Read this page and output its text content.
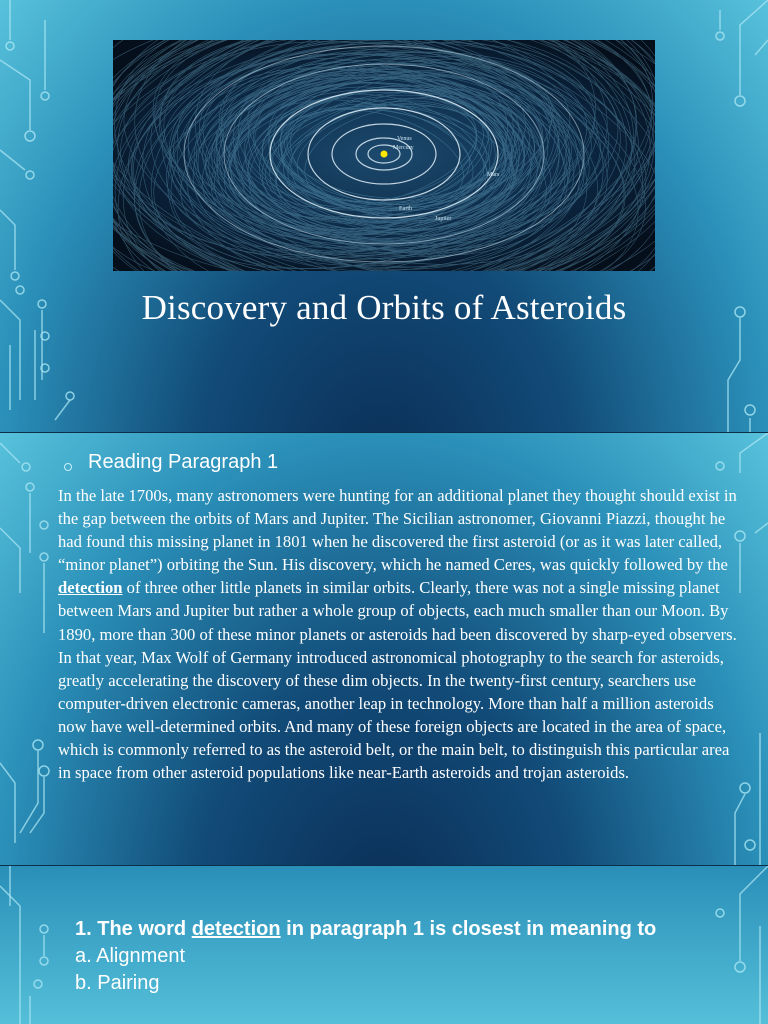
Venus
Mercury
Mars
Earth
Jupiter
Discovery and Orbits of Asteroids
Reading Paragraph 1
In the late 1700s, many astronomers were hunting for an additional planet they thought should exist in the gap between the orbits of Mars and Jupiter. The Sicilian astronomer, Giovanni Piazzi, thought he had found this missing planet in 1801 when he discovered the first asteroid (or as it was later called, “minor planet”) orbiting the Sun. His discovery, which he named Ceres, was quickly followed by the detection of three other little planets in similar orbits. Clearly, there was not a single missing planet between Mars and Jupiter but rather a whole group of objects, each much smaller than our Moon. By 1890, more than 300 of these minor planets or asteroids had been discovered by sharp-eyed observers. In that year, Max Wolf of Germany introduced astronomical photography to the search for asteroids, greatly accelerating the discovery of these dim objects. In the twenty-first century, searchers use computer-driven electronic cameras, another leap in technology. More than half a million asteroids now have well-determined orbits. And many of these foreign objects are located in the area of space, which is commonly referred to as the asteroid belt, or the main belt, to distinguish this particular area in space from other asteroid populations like near-Earth asteroids and trojan asteroids.
1. The word detection in paragraph 1 is closest in meaning to
a. Alignment
b. Pairing
